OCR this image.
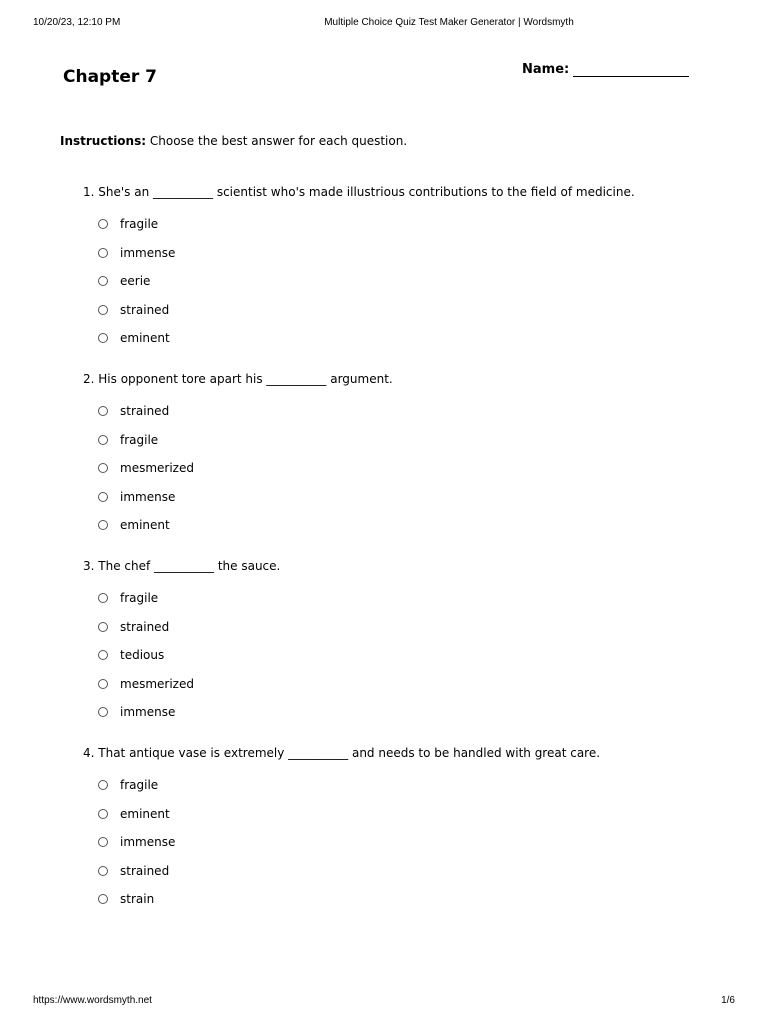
10/20/23, 12:10 PM	Multiple Choice Quiz Test Maker Generator | Wordsmyth
Chapter 7	Name:
Instructions: Choose the best answer for each question.
1. She's an __________ scientist who's made illustrious contributions to the field of medicine.
fragile
immense
eerie
strained
eminent
2. His opponent tore apart his __________ argument.
strained
fragile
mesmerized
immense
eminent
3. The chef __________ the sauce.
fragile
strained
tedious
mesmerized
immense
4. That antique vase is extremely __________ and needs to be handled with great care.
fragile
eminent
immense
strained
strain
https://www.wordsmyth.net	1/6
